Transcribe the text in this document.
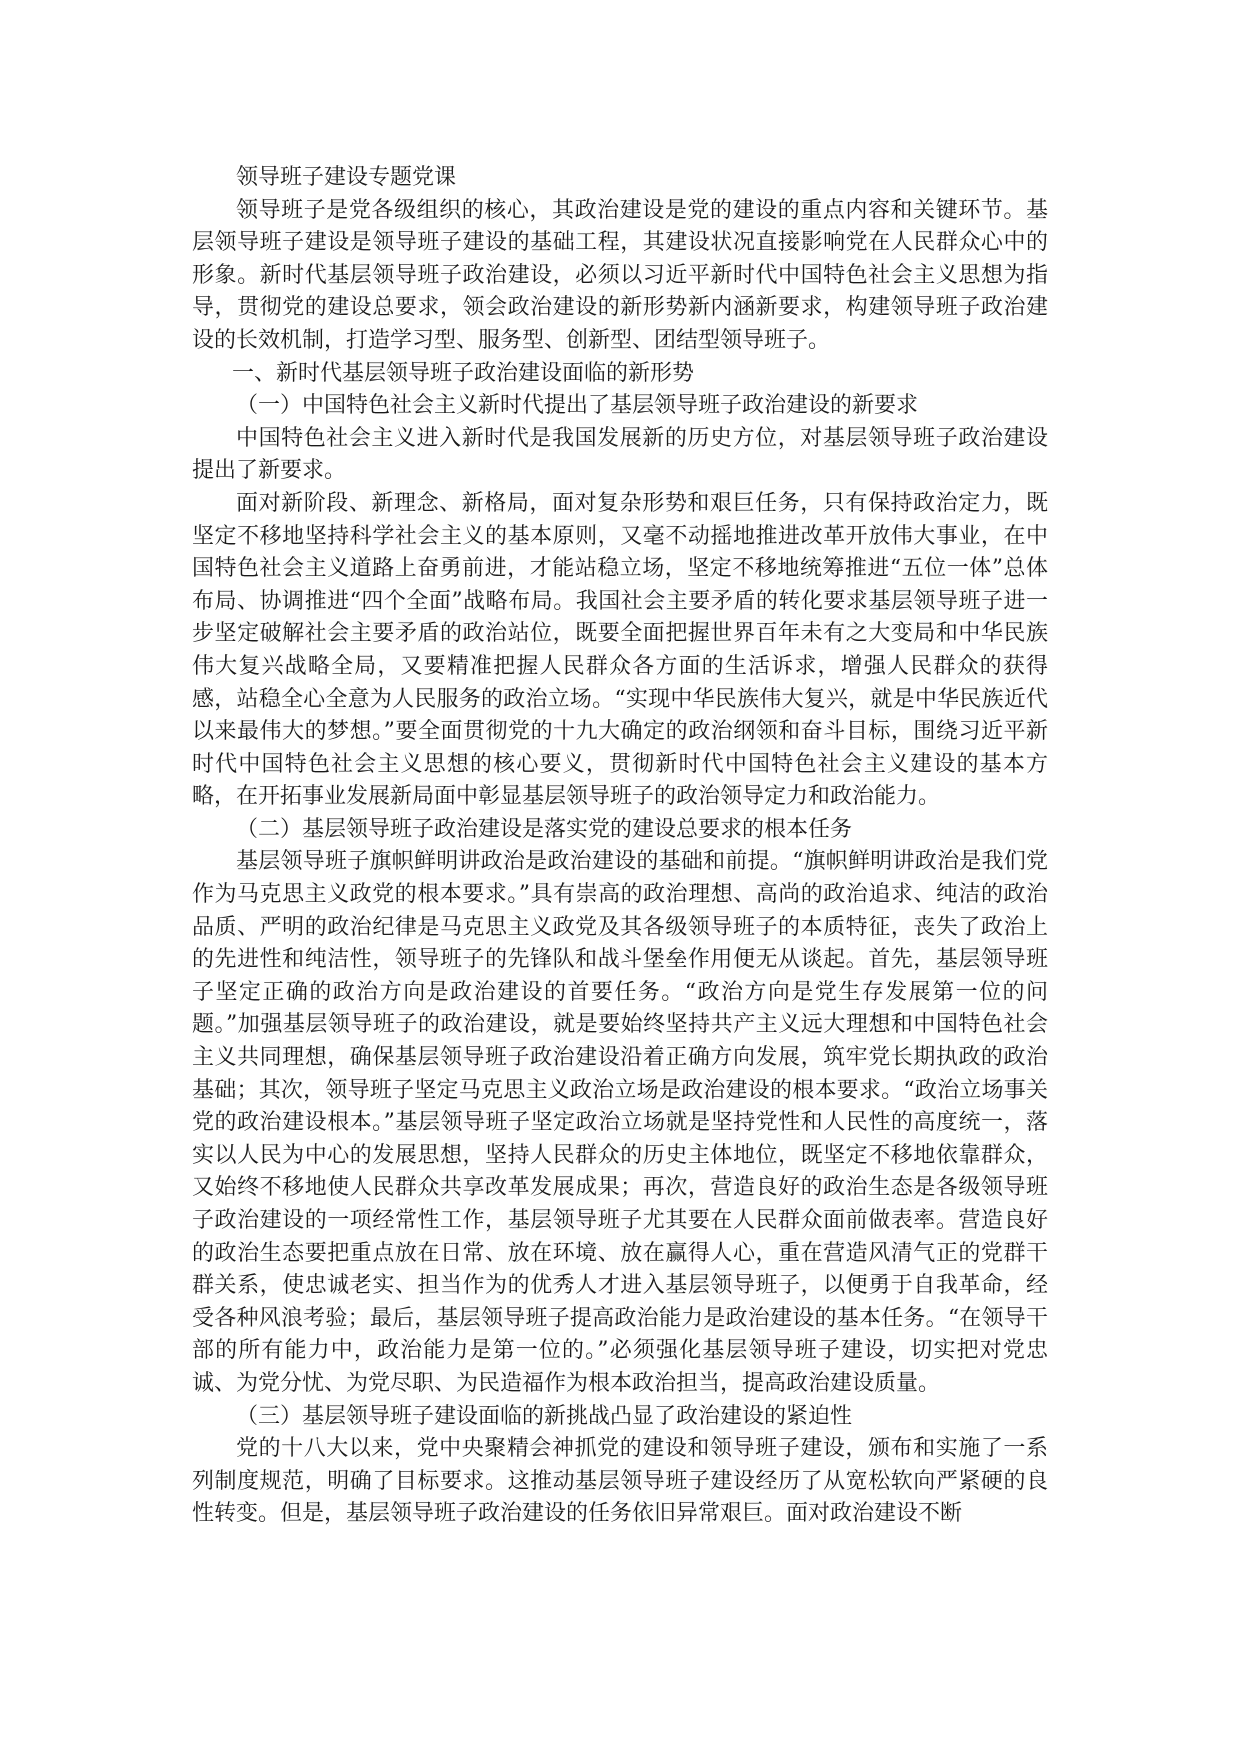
领导班子建设专题党课

领导班子是党各级组织的核心，其政治建设是党的建设的重点内容和关键环节。基层领导班子建设是领导班子建设的基础工程，其建设状况直接影响党在人民群众心中的形象。新时代基层领导班子政治建设，必须以习近平新时代中国特色社会主义思想为指导，贯彻党的建设总要求，领会政治建设的新形势新内涵新要求，构建领导班子政治建设的长效机制，打造学习型、服务型、创新型、团结型领导班子。

一、新时代基层领导班子政治建设面临的新形势

（一）中国特色社会主义新时代提出了基层领导班子政治建设的新要求

中国特色社会主义进入新时代是我国发展新的历史方位，对基层领导班子政治建设提出了新要求。

面对新阶段、新理念、新格局，面对复杂形势和艰巨任务，只有保持政治定力，既坚定不移地坚持科学社会主义的基本原则，又毫不动摇地推进改革开放伟大事业，在中国特色社会主义道路上奋勇前进，才能站稳立场，坚定不移地统筹推进“五位一体”总体布局、协调推进“四个全面”战略布局。我国社会主要矛盾的转化要求基层领导班子进一步坚定破解社会主要矛盾的政治站位，既要全面把握世界百年未有之大变局和中华民族伟大复兴战略全局，又要精准把握人民群众各方面的生活诉求，增强人民群众的获得感，站稳全心全意为人民服务的政治立场。“实现中华民族伟大复兴，就是中华民族近代以来最伟大的梦想。”要全面贯彻党的十九大确定的政治纲领和奋斗目标，围绕习近平新时代中国特色社会主义思想的核心要义，贯彻新时代中国特色社会主义建设的基本方略，在开拓事业发展新局面中彰显基层领导班子的政治领导定力和政治能力。

（二）基层领导班子政治建设是落实党的建设总要求的根本任务

基层领导班子旗帜鲜明讲政治是政治建设的基础和前提。“旗帜鲜明讲政治是我们党作为马克思主义政党的根本要求。”具有崇高的政治理想、高尚的政治追求、纯洁的政治品质、严明的政治纪律是马克思主义政党及其各级领导班子的本质特征，丧失了政治上的先进性和纯洁性，领导班子的先锋队和战斗堡垒作用便无从谈起。首先，基层领导班子坚定正确的政治方向是政治建设的首要任务。“政治方向是党生存发展第一位的问题。”加强基层领导班子的政治建设，就是要始终坚持共产主义远大理想和中国特色社会主义共同理想，确保基层领导班子政治建设沿着正确方向发展，筑牢党长期执政的政治基础；其次，领导班子坚定马克思主义政治立场是政治建设的根本要求。“政治立场事关党的政治建设根本。”基层领导班子坚定政治立场就是坚持党性和人民性的高度统一，落实以人民为中心的发展思想，坚持人民群众的历史主体地位，既坚定不移地依靠群众，又始终不移地使人民群众共享改革发展成果；再次，营造良好的政治生态是各级领导班子政治建设的一项经常性工作，基层领导班子尤其要在人民群众面前做表率。营造良好的政治生态要把重点放在日常、放在环境、放在赢得人心，重在营造风清气正的党群干群关系，使忠诚老实、担当作为的优秀人才进入基层领导班子，以便勇于自我革命，经受各种风浪考验；最后，基层领导班子提高政治能力是政治建设的基本任务。“在领导干部的所有能力中，政治能力是第一位的。”必须强化基层领导班子建设，切实把对党忠诚、为党分忧、为党尽职、为民造福作为根本政治担当，提高政治建设质量。

（三）基层领导班子建设面临的新挑战凸显了政治建设的紧迫性

党的十八大以来，党中央聚精会神抓党的建设和领导班子建设，颁布和实施了一系列制度规范，明确了目标要求。这推动基层领导班子建设经历了从宽松软向严紧硬的良性转变。但是，基层领导班子政治建设的任务依旧异常艰巨。面对政治建设不断
